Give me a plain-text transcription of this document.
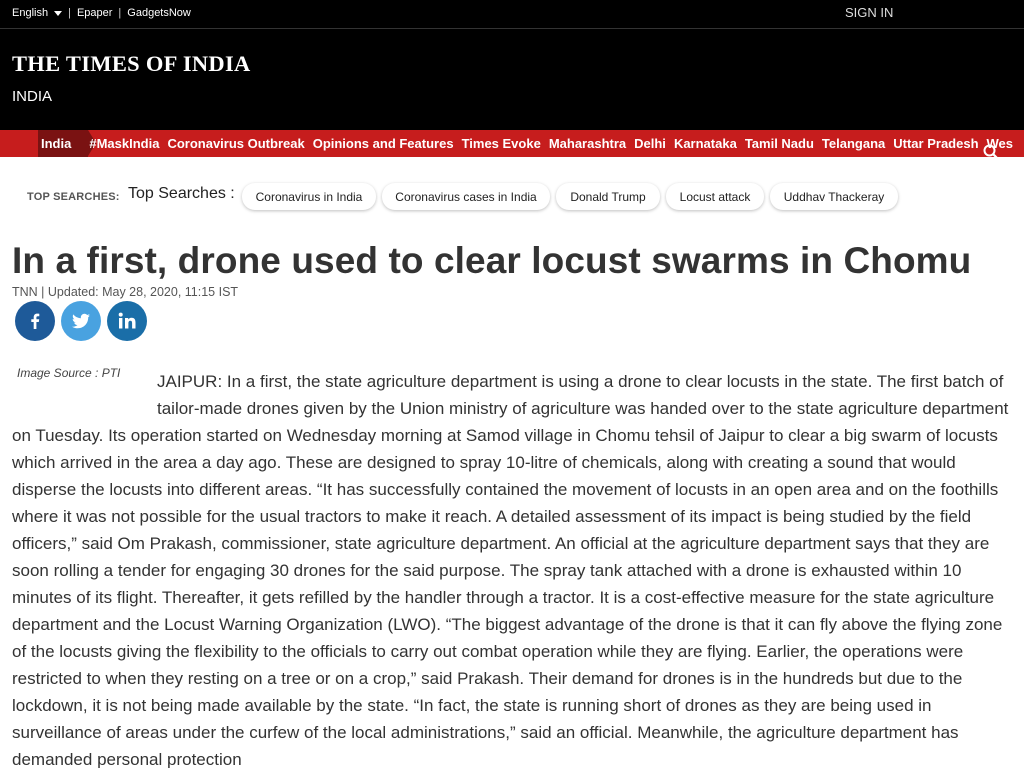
English | Epaper | GadgetsNow	SIGN IN
THE TIMES OF INDIA
INDIA
India	#MaskIndia Coronavirus Outbreak Opinions and Features Times Evoke Maharashtra Delhi Karnataka Tamil Nadu Telangana Uttar Pradesh Wes
TOP SEARCHES: Top Searches :	Coronavirus in India	Coronavirus cases in India	Donald Trump	Locust attack	Uddhav Thackeray
In a first, drone used to clear locust swarms in Chomu
TNN | Updated: May 28, 2020, 11:15 IST
Image Source : PTI	JAIPUR: In a first, the state agriculture department is using a drone to clear locusts in the state. The first batch of tailor-made drones given by the Union ministry of agriculture was handed over to the state agriculture department on Tuesday. Its operation started on Wednesday morning at Samod village in Chomu tehsil of Jaipur to clear a big swarm of locusts which arrived in the area a day ago. These are designed to spray 10-litre of chemicals, along with creating a sound that would disperse the locusts into different areas. “It has successfully contained the movement of locusts in an open area and on the foothills where it was not possible for the usual tractors to make it reach. A detailed assessment of its impact is being studied by the field officers,” said Om Prakash, commissioner, state agriculture department. An official at the agriculture department says that they are soon rolling a tender for engaging 30 drones for the said purpose. The spray tank attached with a drone is exhausted within 10 minutes of its flight. Thereafter, it gets refilled by the handler through a tractor. It is a cost-effective measure for the state agriculture department and the Locust Warning Organization (LWO). “The biggest advantage of the drone is that it can fly above the flying zone of the locusts giving the flexibility to the officials to carry out combat operation while they are flying. Earlier, the operations were restricted to when they resting on a tree or on a crop,” said Prakash. Their demand for drones is in the hundreds but due to the lockdown, it is not being made available by the state. “In fact, the state is running short of drones as they are being used in surveillance of areas under the curfew of the local administrations,” said an official. Meanwhile, the agriculture department has demanded personal protection
